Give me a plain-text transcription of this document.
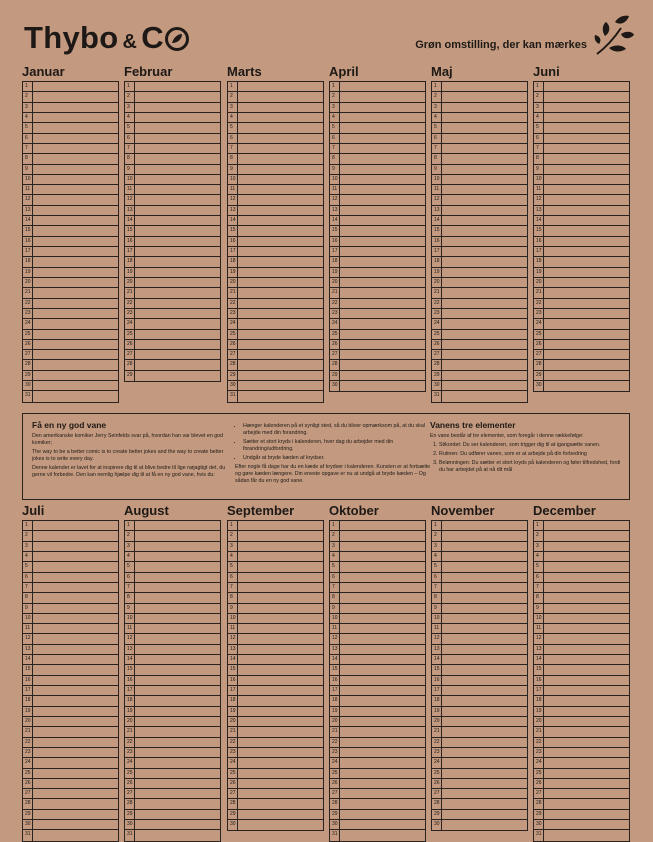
Thybo & C	Grøn omstilling, der kan mærkes
Januar
1
2
3
4
5
6
7
8
9
10
11
12
13
14
15
16
17
18
19
20
21
22
23
24
25
26
27
28
29
30
31
Februar
1
2
3
4
5
6
7
8
9
10
11
12
13
14
15
16
17
18
19
20
21
22
23
24
25
26
27
28
29
Marts
1
2
3
4
5
6
7
8
9
10
11
12
13
14
15
16
17
18
19
20
21
22
23
24
25
26
27
28
29
30
31
April
1
2
3
4
5
6
7
8
9
10
11
12
13
14
15
16
17
18
19
20
21
22
23
24
25
26
27
28
29
30
Maj
1
2
3
4
5
6
7
8
9
10
11
12
13
14
15
16
17
18
19
20
21
22
23
24
25
26
27
28
29
30
31
Juni
1
2
3
4
5
6
7
8
9
10
11
12
13
14
15
16
17
18
19
20
21
22
23
24
25
26
27
28
29
30
Få en ny god vane

Den amerikanske komiker Jerry Seinfelds svar på, hvordan han var blevet en god komiker;

The way to be a better comic is to create better jokes and the way to create better jokes is to write every day.

Denne kalender er lavet for at inspirere dig til at blive bedre til lige nøjagtigt det, du gerne vil forbedre. Den kan nemlig hjælpe dig til at få en ny god vane, hvis du:

• Hænger kalenderen på et synligt sted, så du bliver opmærksom på, at du skal arbejde med din forandring.
• Sætter et stort kryds i kalenderen, hver dag du arbejder med din forandring/udfordring.
• Undgår at bryde kæden af krydser.

Efter nogle få dage har du en kæde af krydser i kalenderen. Kunsten er at fortsætte og gøre kæden længere. Din eneste opgave er nu at undgå at bryde kæden – Og sådan får du en ny god vane.

Vanens tre elementer

En vane består af tre elementer, som foregår i denne rækkefølge:

1. Stikordet: Du ser kalenderen, som trigger dig til at igangsætte vanen.
2. Rutinen: Du udfører vanen, som er at arbejde på din forbedring
3. Belønningen: Du sætter et stort kryds på kalenderen og føler tilfredshed, fordi du har arbejdet på at nå dit mål
Juli
1
2
3
4
5
6
7
8
9
10
11
12
13
14
15
16
17
18
19
20
21
22
23
24
25
26
27
28
29
30
31
August
1
2
3
4
5
6
7
8
9
10
11
12
13
14
15
16
17
18
19
20
21
22
23
24
25
26
27
28
29
30
31
September
1
2
3
4
5
6
7
8
9
10
11
12
13
14
15
16
17
18
19
20
21
22
23
24
25
26
27
28
29
30
Oktober
1
2
3
4
5
6
7
8
9
10
11
12
13
14
15
16
17
18
19
20
21
22
23
24
25
26
27
28
29
30
31
November
1
2
3
4
5
6
7
8
9
10
11
12
13
14
15
16
17
18
19
20
21
22
23
24
25
26
27
28
29
30
December
1
2
3
4
5
6
7
8
9
10
11
12
13
14
15
16
17
18
19
20
21
22
23
24
25
26
27
28
29
30
31
